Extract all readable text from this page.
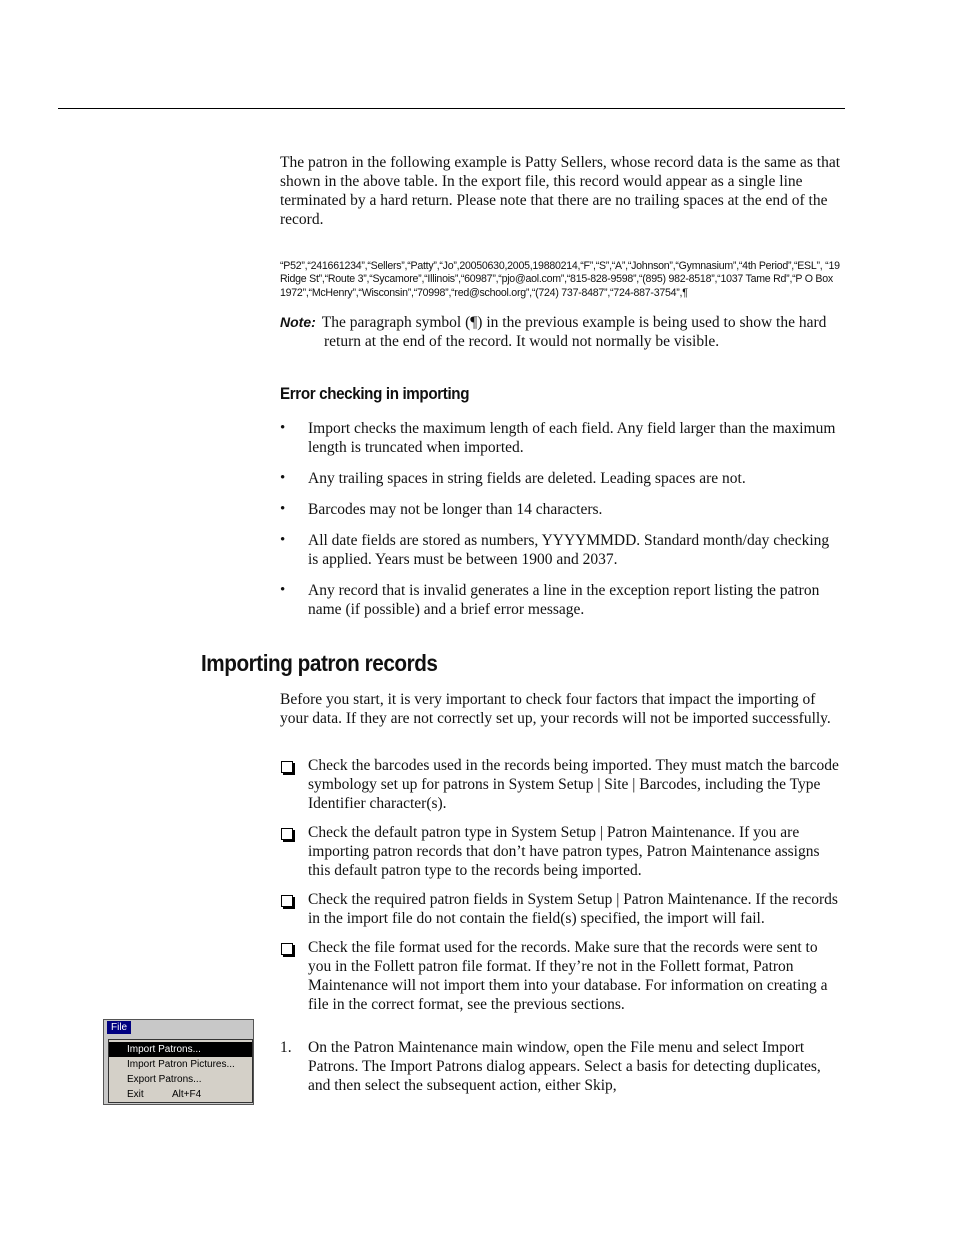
The patron in the following example is Patty Sellers, whose record data is the same as that shown in the above table. In the export file, this record would appear as a single line terminated by a hard return. Please note that there are no trailing spaces at the end of the record.

“P52”,“241661234”,“Sellers”,“Patty”,“Jo”,20050630,2005,19880214,“F”,“S”,“A”,“Johnson”,“Gymnasium”,“4th Period”,“ESL”, “19 Ridge St”,“Route 3”,“Sycamore”,“Illinois”,“60987”,“pjo@aol.com”,“815-828-9598”,“(895) 982-8518”,“1037 Tame Rd”,“P O Box 1972”,“McHenry”,“Wisconsin”,“70998”,“red@school.org”,“(724) 737-8487”,“724-887-3754”,¶

Note: The paragraph symbol (¶) in the previous example is being used to show the hard return at the end of the record. It would not normally be visible.

Error checking in importing
• Import checks the maximum length of each field. Any field larger than the maximum length is truncated when imported.
• Any trailing spaces in string fields are deleted. Leading spaces are not.
• Barcodes may not be longer than 14 characters.
• All date fields are stored as numbers, YYYYMMDD. Standard month/day checking is applied. Years must be between 1900 and 2037.
• Any record that is invalid generates a line in the exception report listing the patron name (if possible) and a brief error message.
Importing patron records

Before you start, it is very important to check four factors that impact the importing of your data. If they are not correctly set up, your records will not be imported successfully.

Check the barcodes used in the records being imported. They must match the barcode symbology set up for patrons in System Setup | Site | Barcodes, including the Type Identifier character(s).
Check the default patron type in System Setup | Patron Maintenance. If you are importing patron records that don’t have patron types, Patron Maintenance assigns this default patron type to the records being imported.
Check the required patron fields in System Setup | Patron Maintenance. If the records in the import file do not contain the field(s) specified, the import will fail.
Check the file format used for the records. Make sure that the records were sent to you in the Follett patron file format. If they’re not in the Follett format, Patron Maintenance will not import them into your database. For information on creating a file in the correct format, see the previous sections.
1. On the Patron Maintenance main window, open the File menu and select Import Patrons. The Import Patrons dialog appears. Select a basis for detecting duplicates, and then select the subsequent action, either Skip,
File
Import Patrons...
Import Patron Pictures...
Export Patrons...
Exit	Alt+F4
